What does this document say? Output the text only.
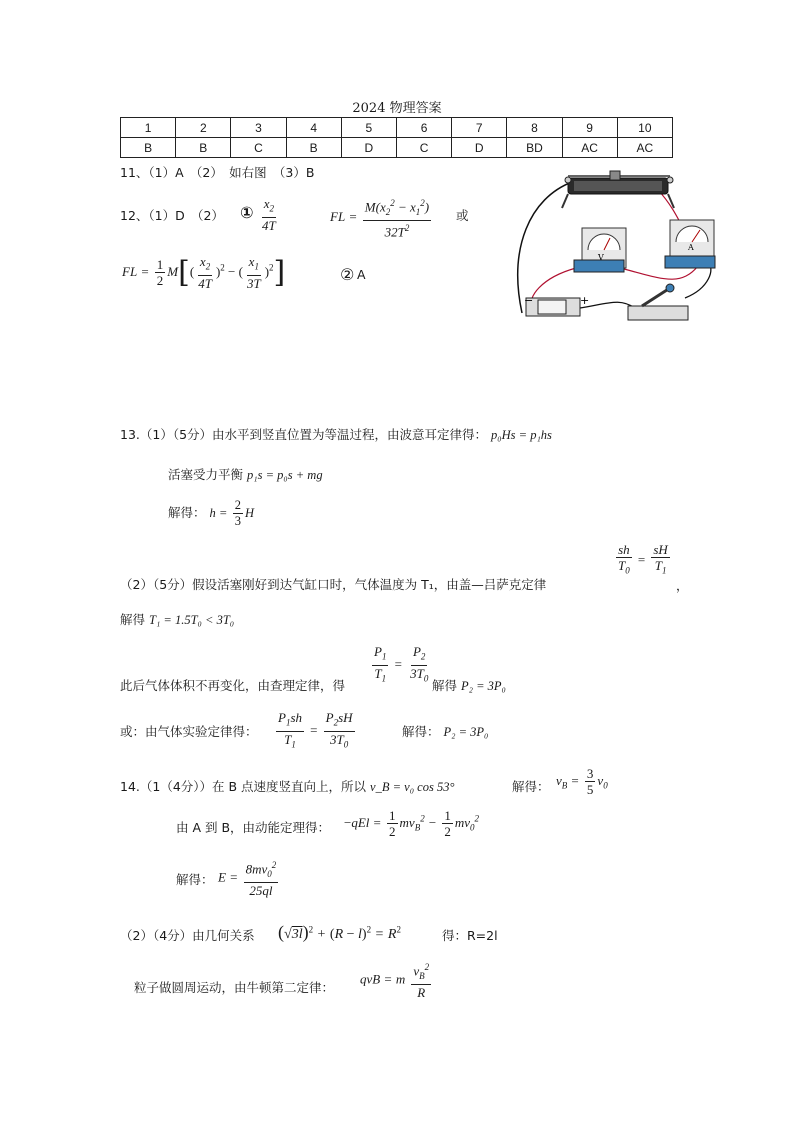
2024 物理答案
1	2	3	4	5	6	7	8	9	10
B	B	C	B	D	C	D	BD	AC	AC
11、（1）A　（2）　如右图　（3）B
12、（1）D　（2） ① $\frac{x_2}{4T}$	FL = $\frac{M(x_2^2 - x_1^2)}{32T^2}$ 或
FL = $\frac{1}{2} M[( \frac{x_2}{4T} )^2$ − ( $\frac{x_1}{3T} )^2$]	② A
A
V
−	+
13.（1）（5分）由水平到竖直位置为等温过程，由波意耳定律得： p₀Hs = p₁hs
活塞受力平衡 p₁s = p₀s + mg
解得： $h = \frac{2}{3}$ H
$\frac{sh}{T_0} = \frac{sH}{T_1}$
（2）（5分）假设活塞刚好到达气缸口时，气体温度为 T₁，由盖—吕萨克定律	，
解得 T₁ = 1.5T₀ < 3T₀
此后气体体积不再变化，由查理定律，得 $\frac{P_1}{T_1} = \frac{P_2}{3T_0}$ 解得 P₂ = 3P₀
或：由气体实验定律得： $\frac{P_1sh}{T_1} = \frac{P_2sH}{3T_0}$	解得： P₂ = 3P₀
14.（1（4分））在 B 点速度竖直向上，所以 v_B = v₀ cos 53°	解得： $v_B = \frac{3}{5} v_0$
由 A 到 B，由动能定理得： $-qEl = \frac{1}{2} mv_B^2 - \frac{1}{2} mv_0^2$
解得： $E = \frac{8mv_0^2}{25ql}$
（2）（4分）由几何关系 $(√3l)^2 + (R - l)^2 = R^2$	得：R=2l
粒子做圆周运动，由牛顿第二定律：
qvB = m $\frac{v_B^2}{R}$
